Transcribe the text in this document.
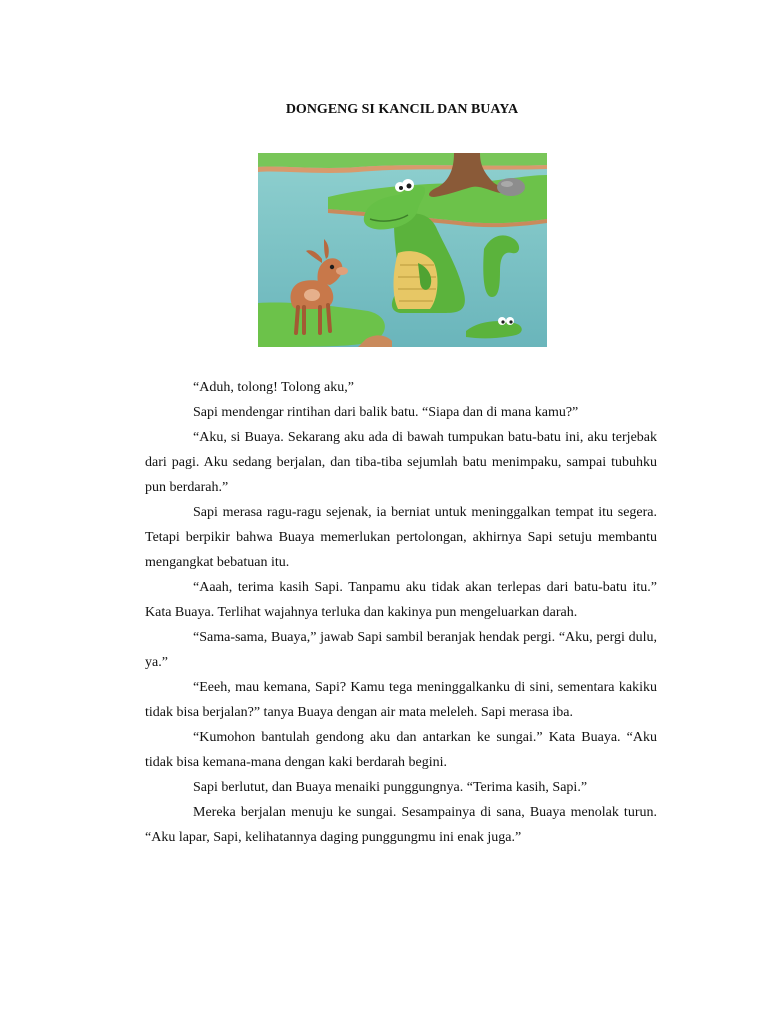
DONGENG SI KANCIL DAN BUAYA

“Aduh, tolong! Tolong aku,”

Sapi mendengar rintihan dari balik batu. “Siapa dan di mana kamu?”

“Aku, si Buaya. Sekarang aku ada di bawah tumpukan batu-batu ini, aku terjebak dari pagi. Aku sedang berjalan, dan tiba-tiba sejumlah batu menimpaku, sampai tubuhku pun berdarah.”

Sapi merasa ragu-ragu sejenak, ia berniat untuk meninggalkan tempat itu segera. Tetapi berpikir bahwa Buaya memerlukan pertolongan, akhirnya Sapi setuju membantu mengangkat bebatuan itu.

“Aaah, terima kasih Sapi. Tanpamu aku tidak akan terlepas dari batu-batu itu.” Kata Buaya. Terlihat wajahnya terluka dan kakinya pun mengeluarkan darah.

“Sama-sama, Buaya,” jawab Sapi sambil beranjak hendak pergi. “Aku, pergi dulu, ya.”

“Eeeh, mau kemana, Sapi? Kamu tega meninggalkanku di sini, sementara kakiku tidak bisa berjalan?” tanya Buaya dengan air mata meleleh. Sapi merasa iba.

“Kumohon bantulah gendong aku dan antarkan ke sungai.” Kata Buaya. “Aku tidak bisa kemana-mana dengan kaki berdarah begini.

Sapi berlutut, dan Buaya menaiki punggungnya. “Terima kasih, Sapi.”

Mereka berjalan menuju ke sungai. Sesampainya di sana, Buaya menolak turun. “Aku lapar, Sapi, kelihatannya daging punggungmu ini enak juga.”
